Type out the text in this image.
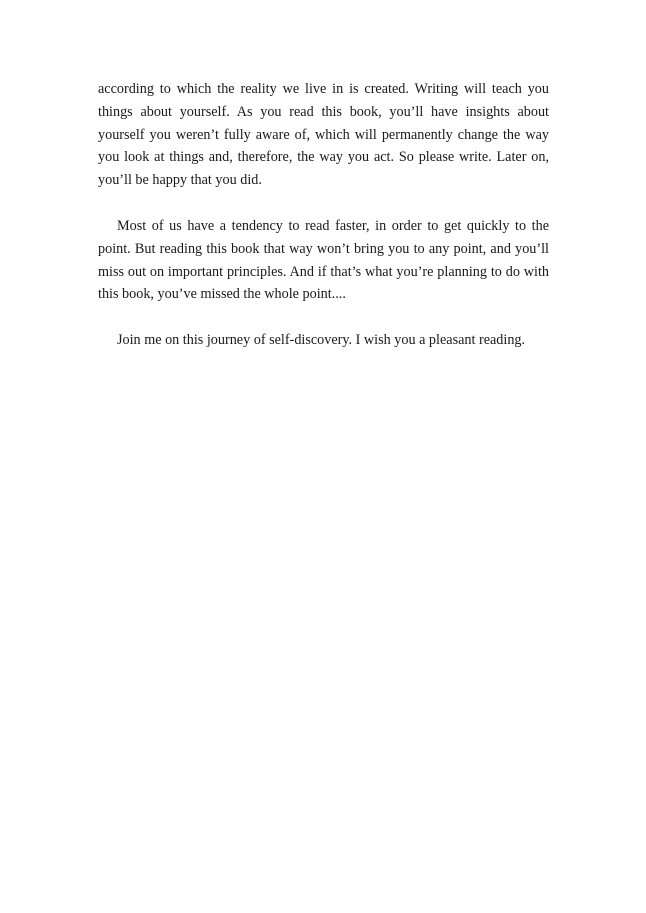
according to which the reality we live in is created. Writing will teach you things about yourself. As you read this book, you’ll have insights about yourself you weren’t fully aware of, which will permanently change the way you look at things and, therefore, the way you act. So please write. Later on, you’ll be happy that you did.

Most of us have a tendency to read faster, in order to get quickly to the point. But reading this book that way won’t bring you to any point, and you’ll miss out on important principles. And if that’s what you’re planning to do with this book, you’ve missed the whole point....

Join me on this journey of self-discovery. I wish you a pleasant reading.
